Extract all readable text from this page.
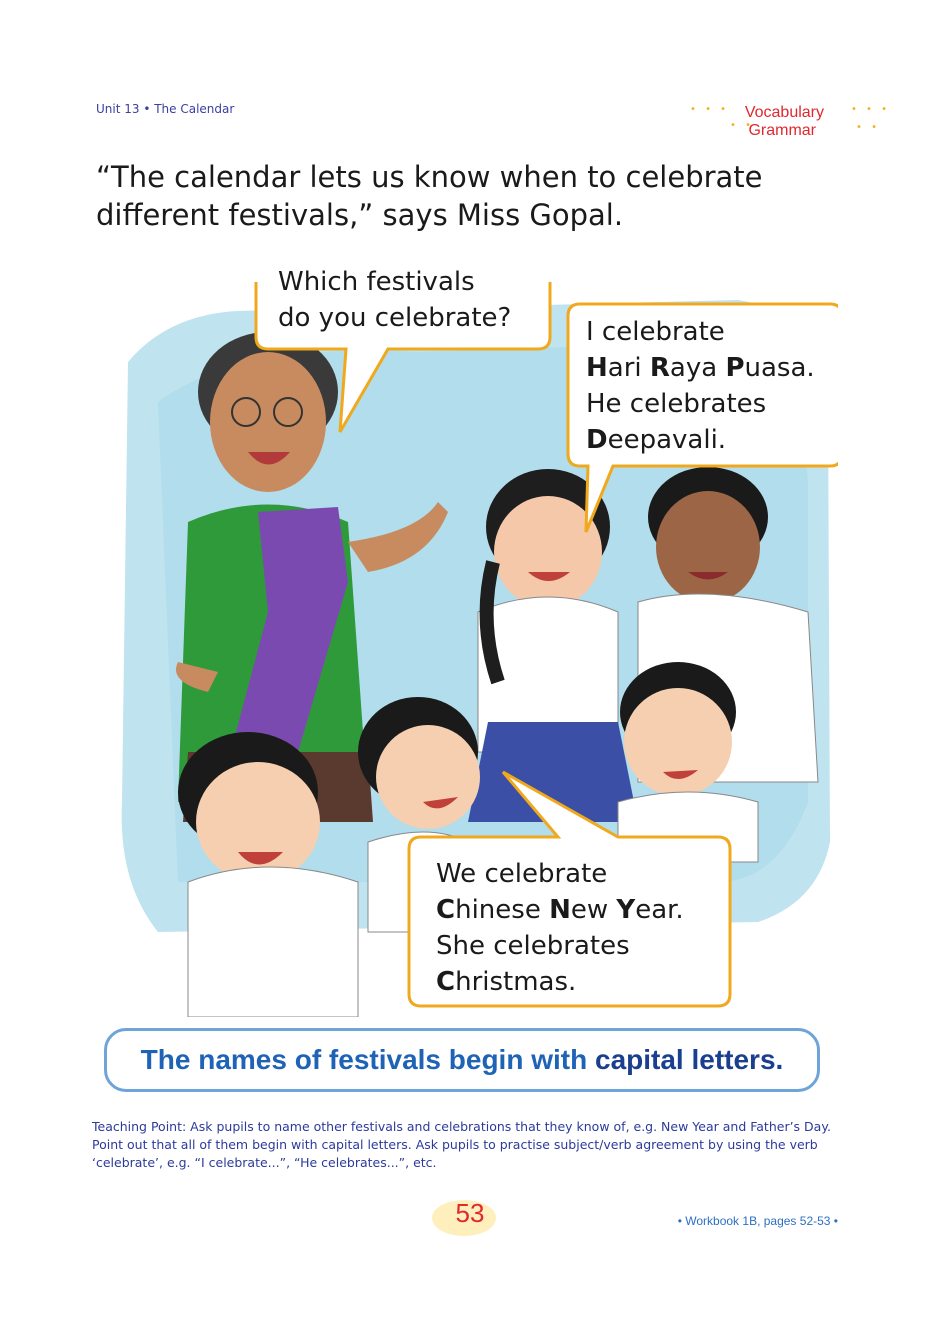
Unit 13 • The Calendar	• • •	• • •
• •
• •
Vocabulary
Grammar
“The calendar lets us know when to celebrate
different festivals,” says Miss Gopal.
Which festivals
do you celebrate?	I celebrate
Hari Raya Puasa.
He celebrates
Deepavali.
We celebrate
Chinese New Year.
She celebrates
Christmas.
The names of festivals begin with capital letters.
Teaching Point: Ask pupils to name other festivals and celebrations that they know of, e.g. New Year and Father’s Day. Point out that all of them begin with capital letters. Ask pupils to practise subject/verb agreement by using the verb ‘celebrate’, e.g. “I celebrate...”, “He celebrates...”, etc.
53	• Workbook 1B, pages 52-53 •
